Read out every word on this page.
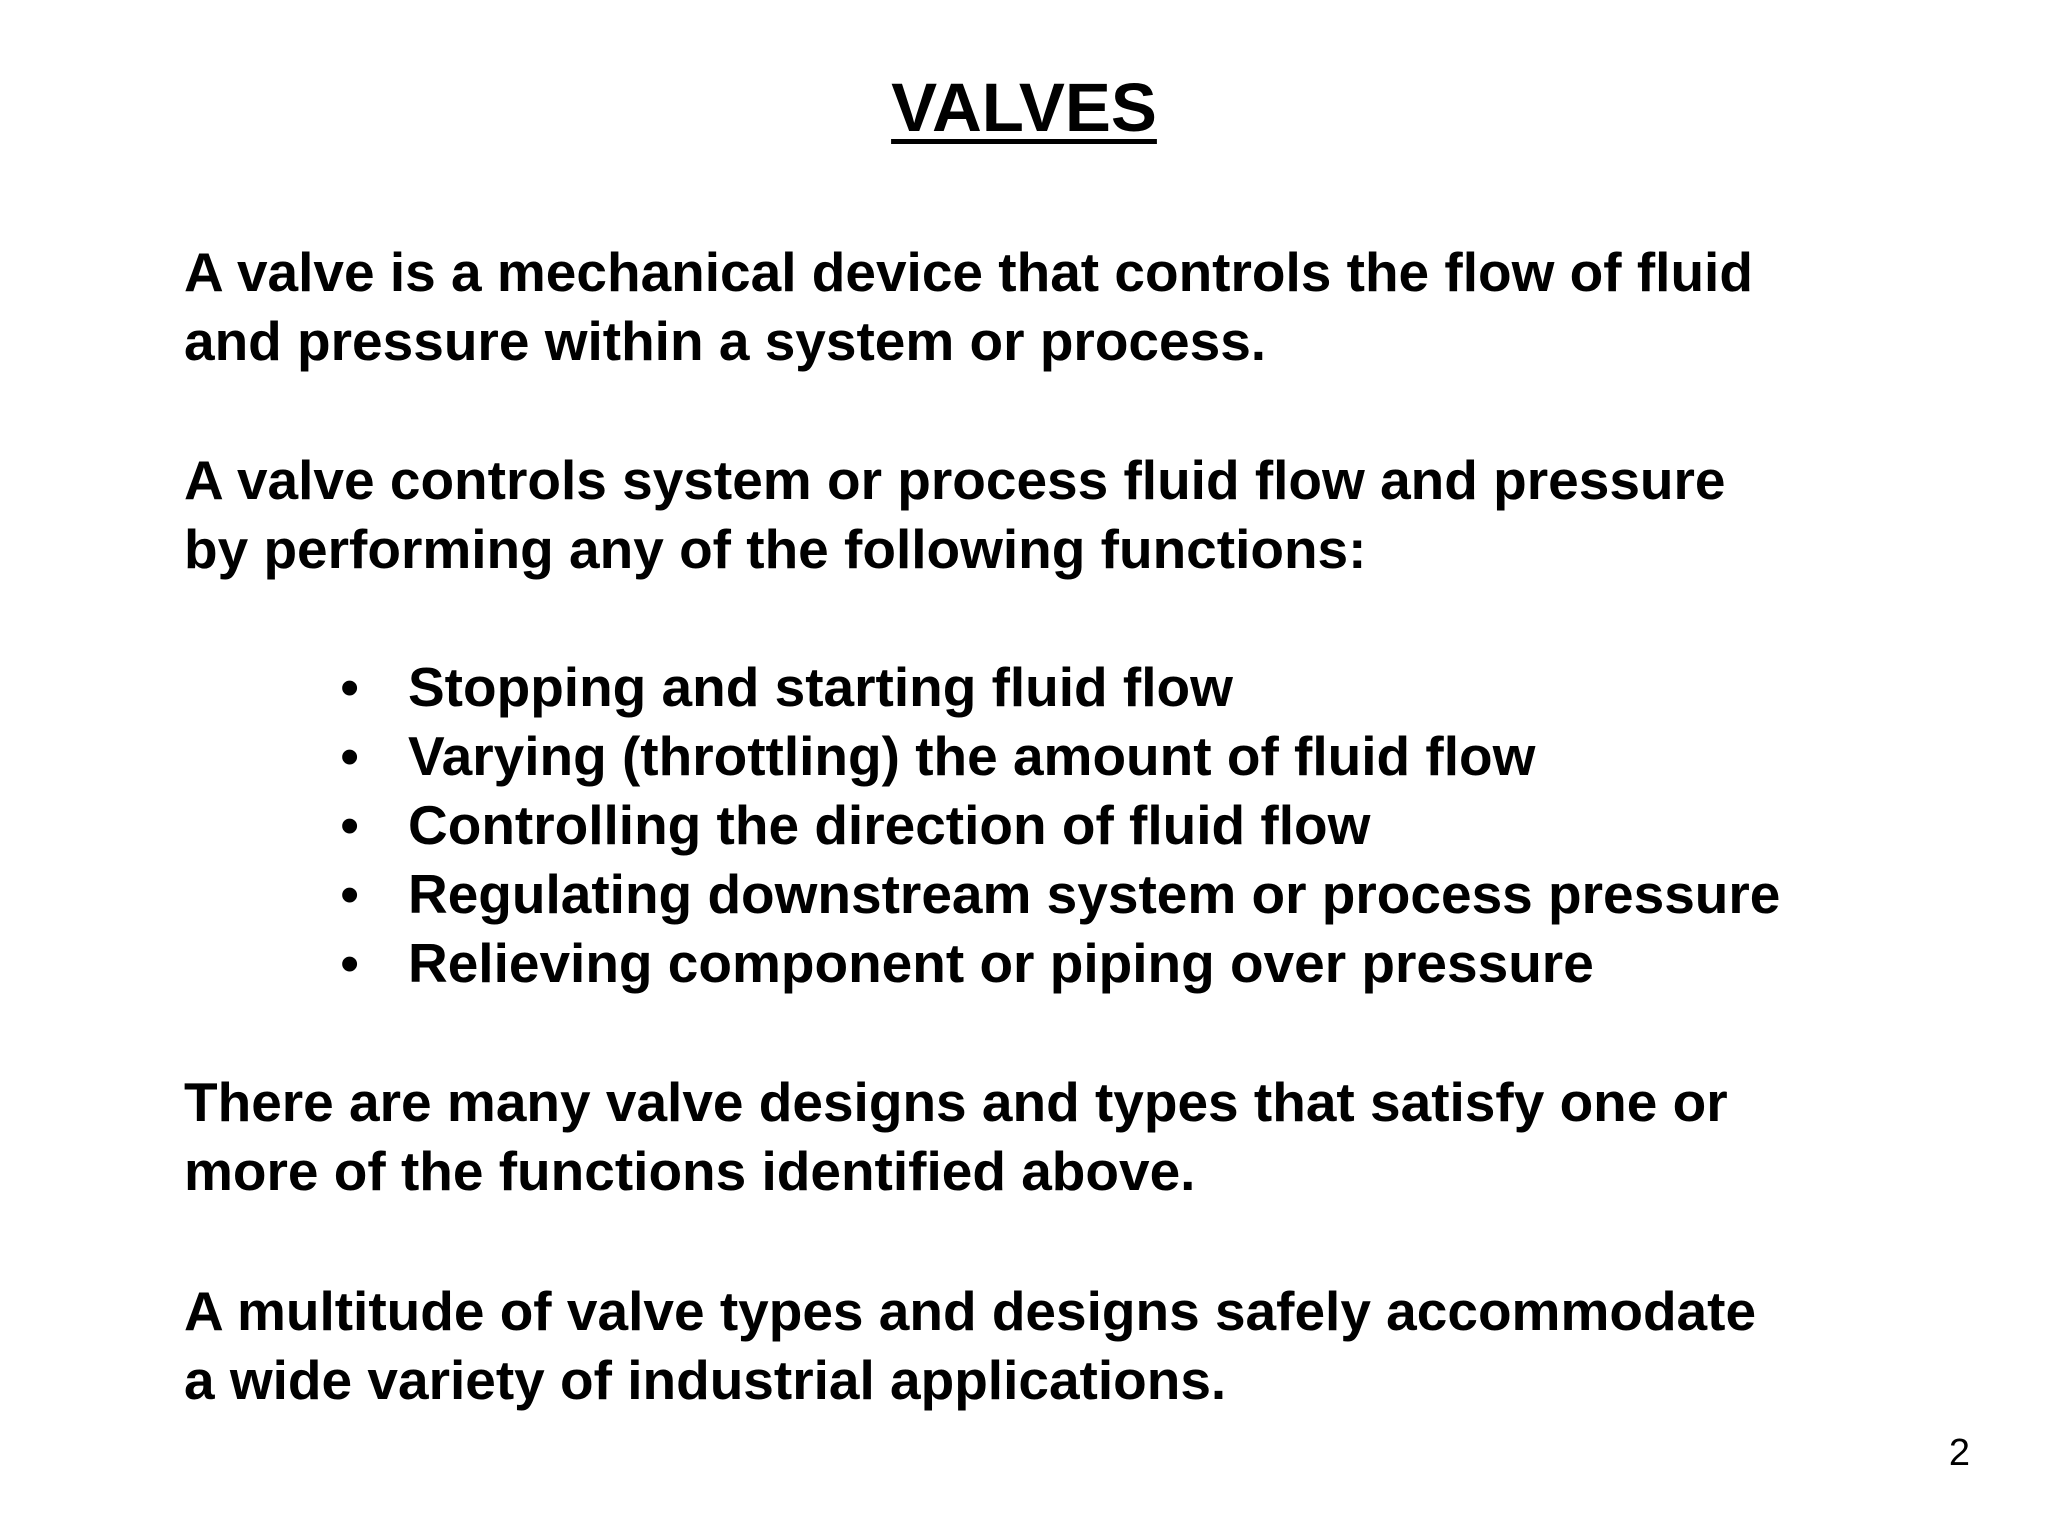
VALVES

A valve is a mechanical device that controls the flow of fluid
and pressure within a system or process.

A valve controls system or process fluid flow and pressure
by performing any of the following functions:

• Stopping and starting fluid flow
• Varying (throttling) the amount of fluid flow
• Controlling the direction of fluid flow
• Regulating downstream system or process pressure
• Relieving component or piping over pressure

There are many valve designs and types that satisfy one or
more of the functions identified above.

A multitude of valve types and designs safely accommodate
a wide variety of industrial applications.

2
